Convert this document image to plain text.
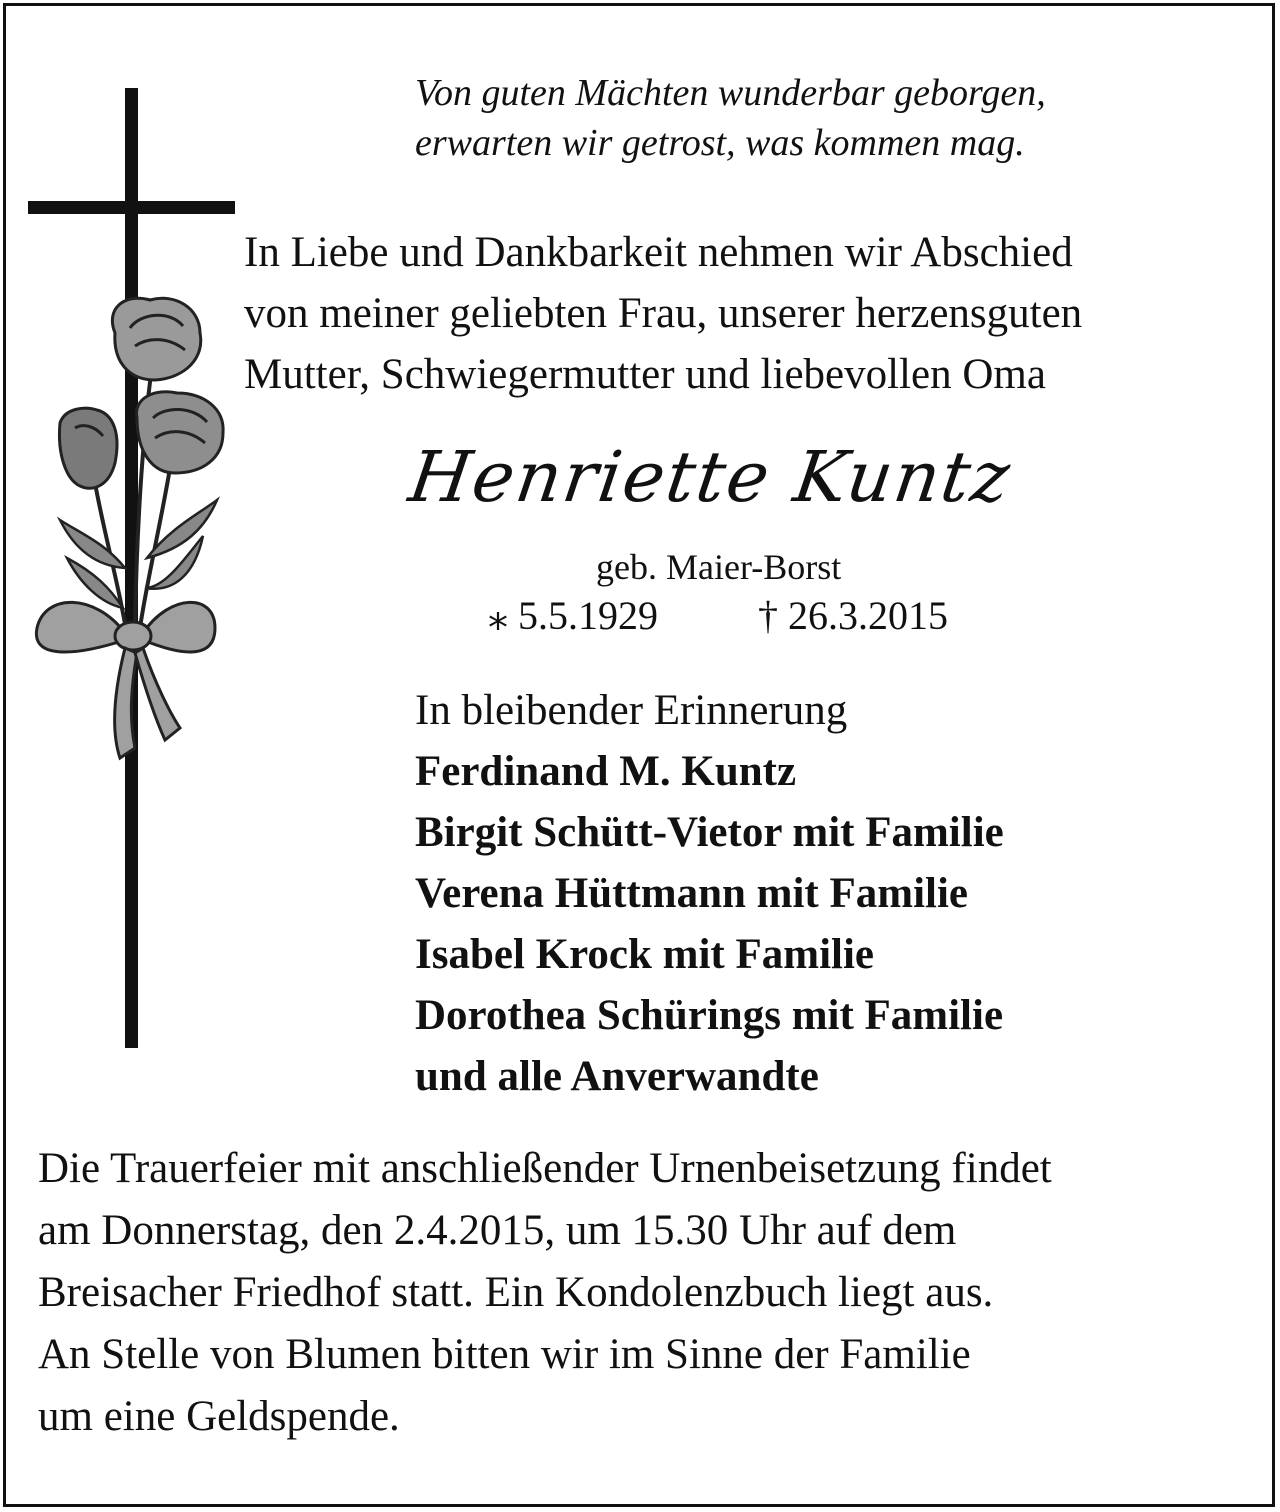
Von guten Mächten wunderbar geborgen,
erwarten wir getrost, was kommen mag.
In Liebe und Dankbarkeit nehmen wir Abschied
von meiner geliebten Frau, unserer herzensguten
Mutter, Schwiegermutter und liebevollen Oma
Henriette Kuntz
geb. Maier-Borst
⁎ 5.5.1929	† 26.3.2015
In bleibender Erinnerung
Ferdinand M. Kuntz
Birgit Schütt-Vietor mit Familie
Verena Hüttmann mit Familie
Isabel Krock mit Familie
Dorothea Schürings mit Familie
und alle Anverwandte
Die Trauerfeier mit anschließender Urnenbeisetzung findet
am Donnerstag, den 2.4.2015, um 15.30 Uhr auf dem
Breisacher Friedhof statt. Ein Kondolenzbuch liegt aus.
An Stelle von Blumen bitten wir im Sinne der Familie
um eine Geldspende.
